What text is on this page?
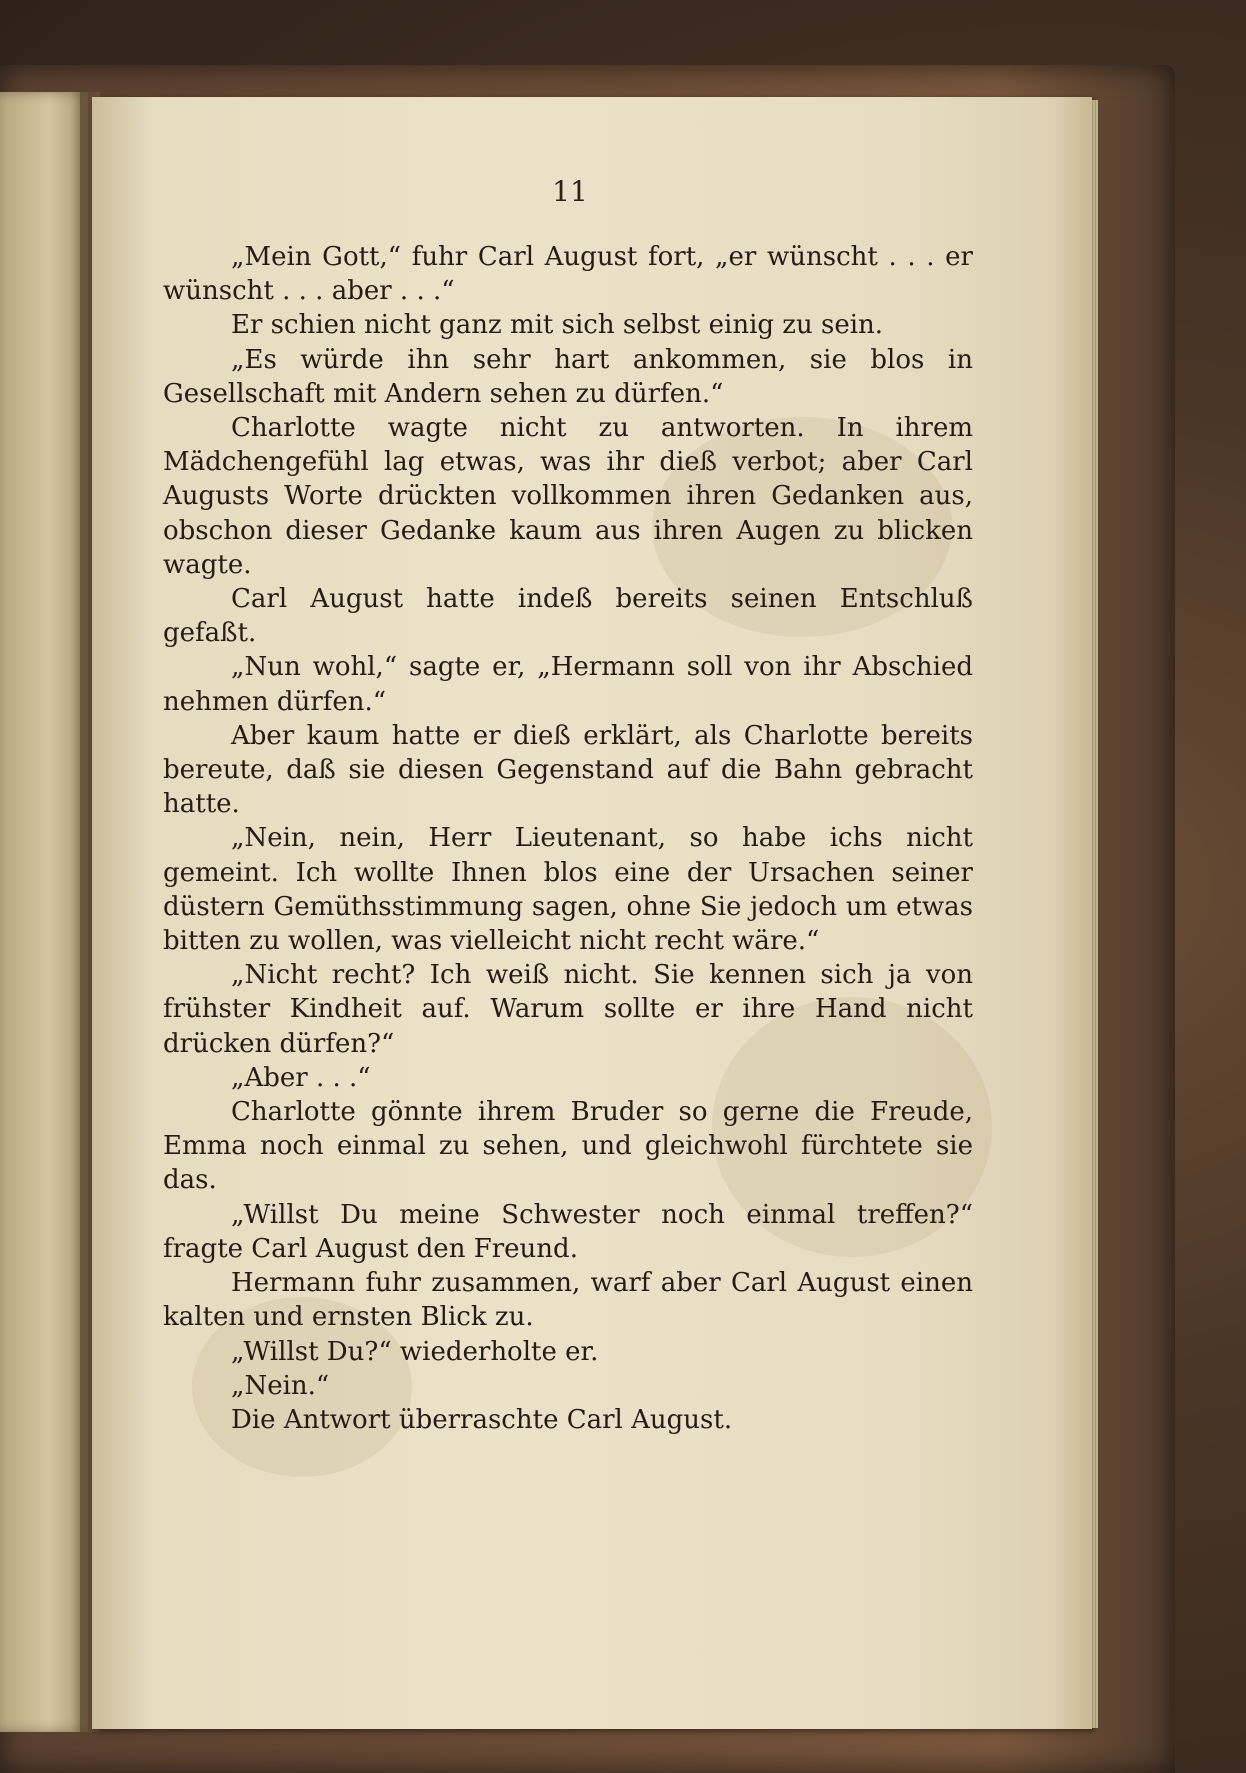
11

„Mein Gott,“ fuhr Carl August fort, „er wünscht . . . er wünscht . . . aber . . .“

Er schien nicht ganz mit sich selbst einig zu sein.

„Es würde ihn sehr hart ankommen, sie blos in Gesellschaft mit Andern sehen zu dürfen.“

Charlotte wagte nicht zu antworten. In ihrem Mädchengefühl lag etwas, was ihr dieß verbot; aber Carl Augusts Worte drückten vollkommen ihren Gedanken aus, obschon dieser Gedanke kaum aus ihren Augen zu blicken wagte.

Carl August hatte indeß bereits seinen Entschluß gefaßt.

„Nun wohl,“ sagte er, „Hermann soll von ihr Abschied nehmen dürfen.“

Aber kaum hatte er dieß erklärt, als Charlotte bereits bereute, daß sie diesen Gegenstand auf die Bahn gebracht hatte.

„Nein, nein, Herr Lieutenant, so habe ichs nicht gemeint. Ich wollte Ihnen blos eine der Ursachen seiner düstern Gemüthsstimmung sagen, ohne Sie jedoch um etwas bitten zu wollen, was vielleicht nicht recht wäre.“

„Nicht recht? Ich weiß nicht. Sie kennen sich ja von frühster Kindheit auf. Warum sollte er ihre Hand nicht drücken dürfen?“

„Aber . . .“

Charlotte gönnte ihrem Bruder so gerne die Freude, Emma noch einmal zu sehen, und gleichwohl fürchtete sie das.

„Willst Du meine Schwester noch einmal treffen?“ fragte Carl August den Freund.

Hermann fuhr zusammen, warf aber Carl August einen kalten und ernsten Blick zu.

„Willst Du?“ wiederholte er.

„Nein.“

Die Antwort überraschte Carl August.
